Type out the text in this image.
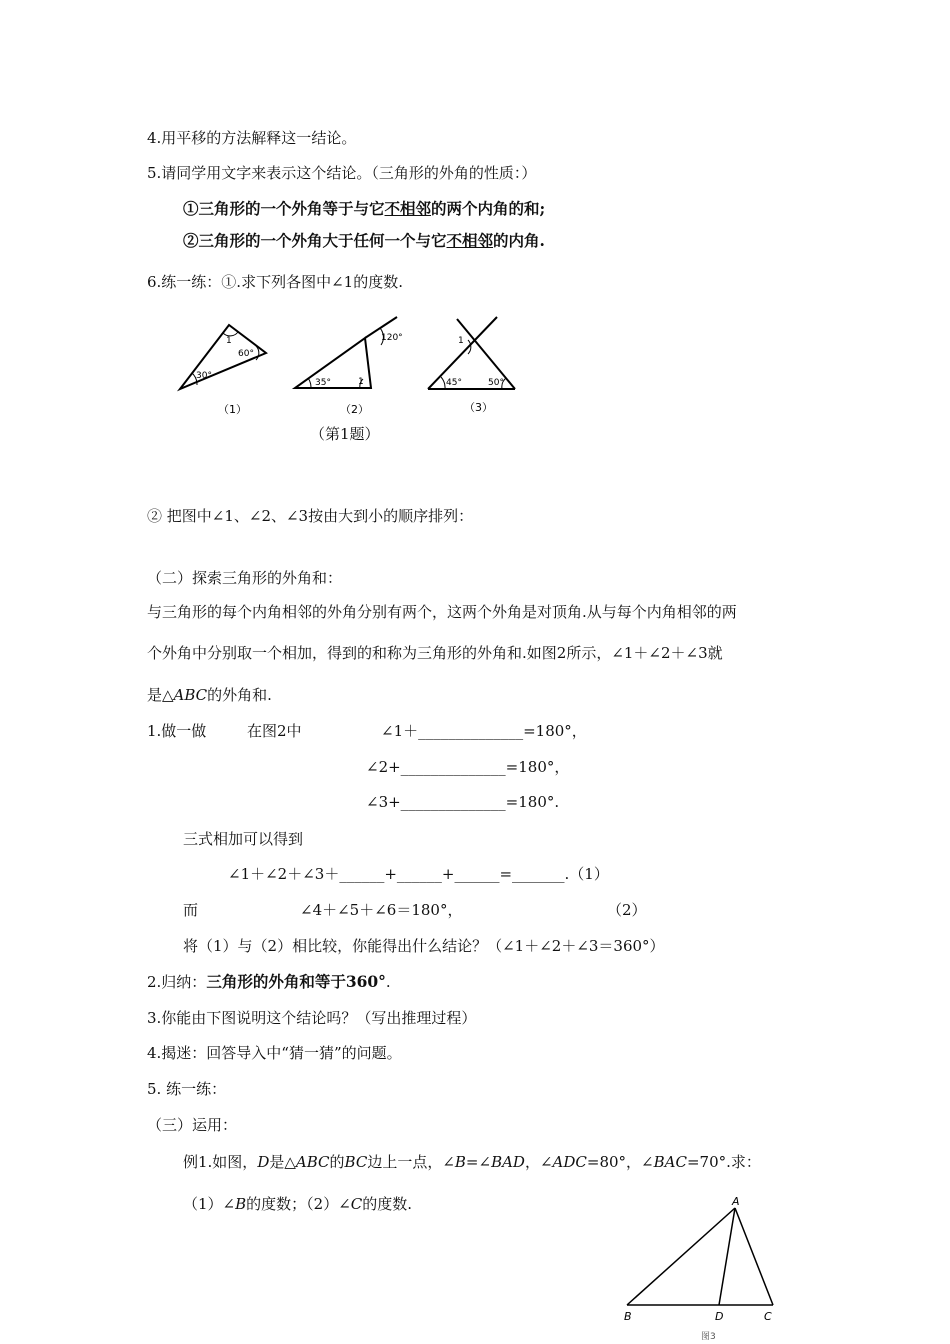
4.用平移的方法解释这一结论。
5.请同学用文字来表示这个结论。（三角形的外角的性质：）
①三角形的一个外角等于与它不相邻的两个内角的和;
②三角形的一个外角大于任何一个与它不相邻的内角.
6.练一练：①.求下列各图中∠1的度数.
1
60°
30°
（1）
120°
35°	1
（2）
1
45°	50°
（3）
（第1题）
② 把图中∠1、∠2、∠3按由大到小的顺序排列：
（二）探索三角形的外角和：
与三角形的每个内角相邻的外角分别有两个，这两个外角是对顶角.从与每个内角相邻的两
个外角中分别取一个相加，得到的和称为三角形的外角和.如图2所示，∠1＋∠2＋∠3就
是△ABC的外角和.
1.做一做	在图2中	∠1＋______________=180°，
∠2+______________=180°，
∠3+______________=180°.
三式相加可以得到
∠1＋∠2＋∠3＋______+______+______=_______.（1）
而	∠4＋∠5＋∠6＝180°，	（2）
将（1）与（2）相比较，你能得出什么结论？（∠1＋∠2＋∠3＝360°）
2.归纳：三角形的外角和等于360°.
3.你能由下图说明这个结论吗？（写出推理过程）
4.揭迷：回答导入中“猜一猜”的问题。
5. 练一练：
（三）运用：
例1.如图，D是△ABC的BC边上一点，∠B=∠BAD，∠ADC=80°，∠BAC=70°.求：
（1）∠B的度数；（2）∠C的度数.	A
B	D	C
图3
